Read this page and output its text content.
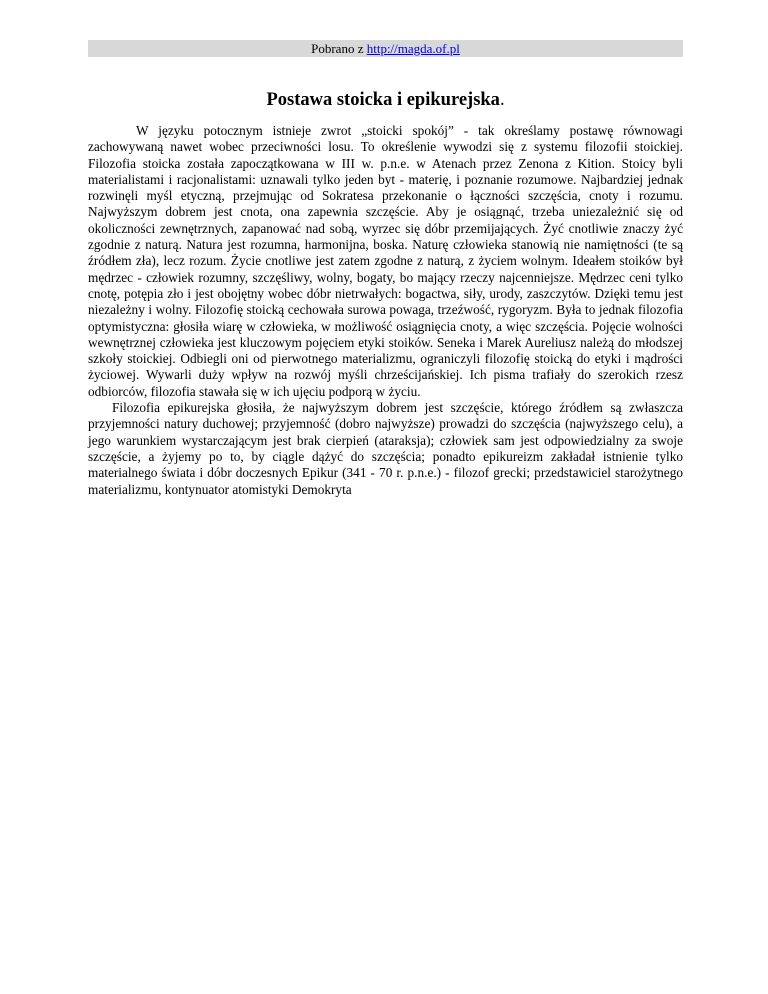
Pobrano z http://magda.of.pl
Postawa stoicka i epikurejska.

W języku potocznym istnieje zwrot „stoicki spokój” - tak określamy postawę równowagi zachowywaną nawet wobec przeciwności losu. To określenie wywodzi się z systemu filozofii stoickiej. Filozofia stoicka została zapoczątkowana w III w. p.n.e. w Atenach przez Zenona z Kition. Stoicy byli materialistami i racjonalistami: uznawali tylko jeden byt - materię, i poznanie rozumowe. Najbardziej jednak rozwinęli myśl etyczną, przejmując od Sokratesa przekonanie o łączności szczęścia, cnoty i rozumu. Najwyższym dobrem jest cnota, ona zapewnia szczęście. Aby je osiągnąć, trzeba uniezależnić się od okoliczności zewnętrznych, zapanować nad sobą, wyrzec się dóbr przemijających. Żyć cnotliwie znaczy żyć zgodnie z naturą. Natura jest rozumna, harmonijna, boska. Naturę człowieka stanowią nie namiętności (te są źródłem zła), lecz rozum. Życie cnotliwe jest zatem zgodne z naturą, z życiem wolnym. Ideałem stoików był mędrzec - człowiek rozumny, szczęśliwy, wolny, bogaty, bo mający rzeczy najcenniejsze. Mędrzec ceni tylko cnotę, potępia zło i jest obojętny wobec dóbr nietrwałych: bogactwa, siły, urody, zaszczytów. Dzięki temu jest niezależny i wolny. Filozofię stoicką cechowała surowa powaga, trzeźwość, rygoryzm. Była to jednak filozofia optymistyczna: głosiła wiarę w człowieka, w możliwość osiągnięcia cnoty, a więc szczęścia. Pojęcie wolności wewnętrznej człowieka jest kluczowym pojęciem etyki stoików. Seneka i Marek Aureliusz należą do młodszej szkoły stoickiej. Odbiegli oni od pierwotnego materializmu, ograniczyli filozofię stoicką do etyki i mądrości życiowej. Wywarli duży wpływ na rozwój myśli chrześcijańskiej. Ich pisma trafiały do szerokich rzesz odbiorców, filozofia stawała się w ich ujęciu podporą w życiu.

Filozofia epikurejska głosiła, że najwyższym dobrem jest szczęście, którego źródłem są zwłaszcza przyjemności natury duchowej; przyjemność (dobro najwyższe) prowadzi do szczęścia (najwyższego celu), a jego warunkiem wystarczającym jest brak cierpień (ataraksja); człowiek sam jest odpowiedzialny za swoje szczęście, a żyjemy po to, by ciągle dążyć do szczęścia; ponadto epikureizm zakładał istnienie tylko materialnego świata i dóbr doczesnych Epikur (341 - 70 r. p.n.e.) - filozof grecki; przedstawiciel starożytnego materializmu, kontynuator atomistyki Demokryta
